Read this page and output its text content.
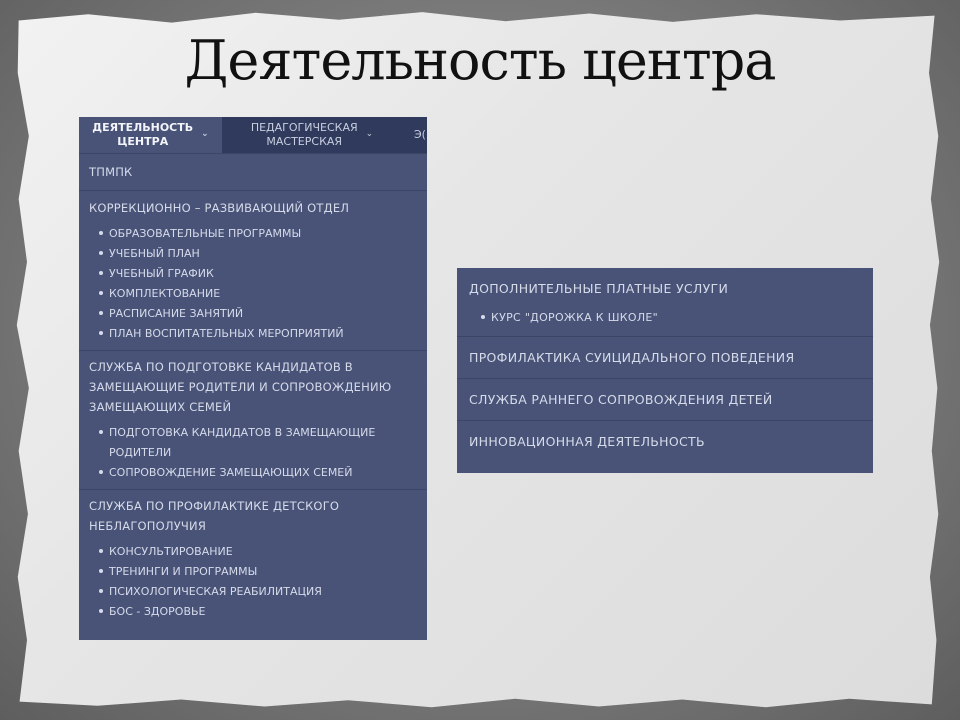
Деятельность центра
ДЕЯТЕЛЬНОСТЬ
ЦЕНТРА
⌄
ПЕДАГОГИЧЕСКАЯ
МАСТЕРСКАЯ
⌄	Э(
ТПМПК
КОРРЕКЦИОННО – РАЗВИВАЮЩИЙ ОТДЕЛ
ОБРАЗОВАТЕЛЬНЫЕ ПРОГРАММЫ
УЧЕБНЫЙ ПЛАН
УЧЕБНЫЙ ГРАФИК
КОМПЛЕКТОВАНИЕ
РАСПИСАНИЕ ЗАНЯТИЙ
ПЛАН ВОСПИТАТЕЛЬНЫХ МЕРОПРИЯТИЙ
СЛУЖБА ПО ПОДГОТОВКЕ КАНДИДАТОВ В ЗАМЕЩАЮЩИЕ РОДИТЕЛИ И СОПРОВОЖДЕНИЮ ЗАМЕЩАЮЩИХ СЕМЕЙ
ПОДГОТОВКА КАНДИДАТОВ В ЗАМЕЩАЮЩИЕ РОДИТЕЛИ
СОПРОВОЖДЕНИЕ ЗАМЕЩАЮЩИХ СЕМЕЙ
СЛУЖБА ПО ПРОФИЛАКТИКЕ ДЕТСКОГО НЕБЛАГОПОЛУЧИЯ
КОНСУЛЬТИРОВАНИЕ
ТРЕНИНГИ И ПРОГРАММЫ
ПСИХОЛОГИЧЕСКАЯ РЕАБИЛИТАЦИЯ
БОС - ЗДОРОВЬЕ
ДОПОЛНИТЕЛЬНЫЕ ПЛАТНЫЕ УСЛУГИ
КУРС "ДОРОЖКА К ШКОЛЕ"
ПРОФИЛАКТИКА СУИЦИДАЛЬНОГО ПОВЕДЕНИЯ
СЛУЖБА РАННЕГО СОПРОВОЖДЕНИЯ ДЕТЕЙ
ИННОВАЦИОННАЯ ДЕЯТЕЛЬНОСТЬ
